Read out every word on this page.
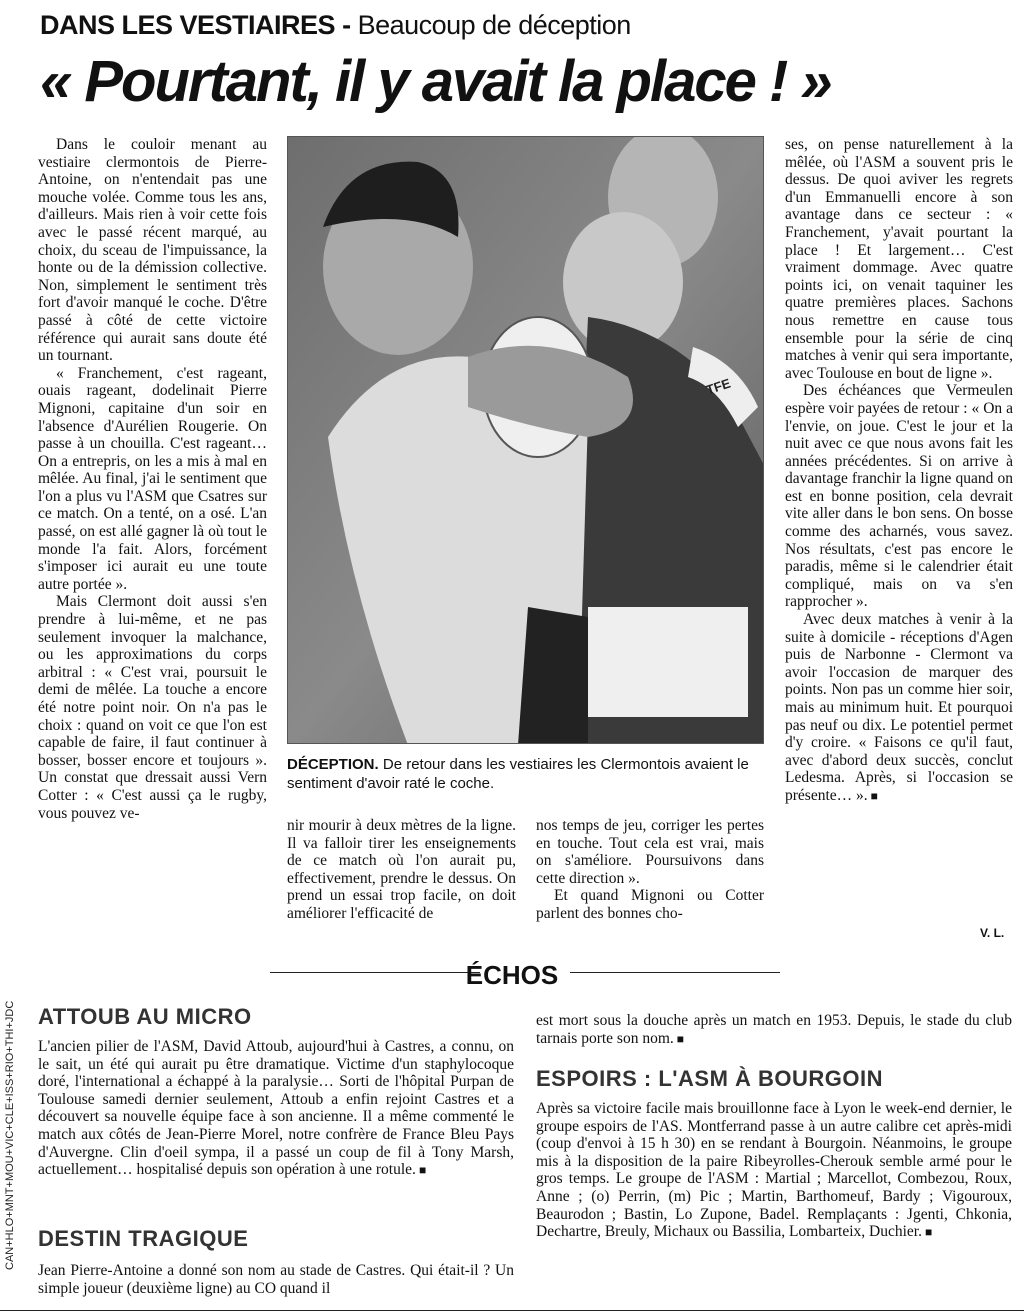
DANS LES VESTIAIRES - Beaucoup de déception
« Pourtant, il y avait la place ! »

Dans le couloir menant au vestiaire clermontois de Pierre-Antoine, on n'entendait pas une mouche volée. Comme tous les ans, d'ailleurs. Mais rien à voir cette fois avec le passé récent marqué, au choix, du sceau de l'impuissance, la honte ou de la démission collective. Non, simplement le sentiment très fort d'avoir manqué le coche. D'être passé à côté de cette victoire référence qui aurait sans doute été un tournant.

« Franchement, c'est rageant, ouais rageant, dodelinait Pierre Mignoni, capitaine d'un soir en l'absence d'Aurélien Rougerie. On passe à un chouilla. C'est rageant… On a entrepris, on les a mis à mal en mêlée. Au final, j'ai le sentiment que l'on a plus vu l'ASM que Csatres sur ce match. On a tenté, on a osé. L'an passé, on est allé gagner là où tout le monde l'a fait. Alors, forcément s'imposer ici aurait eu une toute autre portée ».

Mais Clermont doit aussi s'en prendre à lui-même, et ne pas seulement invoquer la malchance, ou les approximations du corps arbitral : « C'est vrai, poursuit le demi de mêlée. La touche a encore été notre point noir. On n'a pas le choix : quand on voit ce que l'on est capable de faire, il faut continuer à bosser, bosser encore et toujours ». Un constat que dressait aussi Vern Cotter : « C'est aussi ça le rugby, vous pouvez ve-

TFE
DÉCEPTION. De retour dans les vestiaires les Clermontois avaient le sentiment d'avoir raté le coche.

nir mourir à deux mètres de la ligne. Il va falloir tirer les enseignements de ce match où l'on aurait pu, effectivement, prendre le dessus. On prend un essai trop facile, on doit améliorer l'efficacité de

nos temps de jeu, corriger les pertes en touche. Tout cela est vrai, mais on s'améliore. Poursuivons dans cette direction ».

Et quand Mignoni ou Cotter parlent des bonnes cho-

ses, on pense naturellement à la mêlée, où l'ASM a souvent pris le dessus. De quoi aviver les regrets d'un Emmanuelli encore à son avantage dans ce secteur : « Franchement, y'avait pourtant la place ! Et largement… C'est vraiment dommage. Avec quatre points ici, on venait taquiner les quatre premières places. Sachons nous remettre en cause tous ensemble pour la série de cinq matches à venir qui sera importante, avec Toulouse en bout de ligne ».

Des échéances que Vermeulen espère voir payées de retour : « On a l'envie, on joue. C'est le jour et la nuit avec ce que nous avons fait les années précédentes. Si on arrive à davantage franchir la ligne quand on est en bonne position, cela devrait vite aller dans le bon sens. On bosse comme des acharnés, vous savez. Nos résultats, c'est pas encore le paradis, même si le calendrier était compliqué, mais on va s'en rapprocher ».

Avec deux matches à venir à la suite à domicile - réceptions d'Agen puis de Narbonne - Clermont va avoir l'occasion de marquer des points. Non pas un comme hier soir, mais au minimum huit. Et pourquoi pas neuf ou dix. Le potentiel permet d'y croire. « Faisons ce qu'il faut, avec d'abord deux succès, conclut Ledesma. Après, si l'occasion se présente… ». ■

V. L.
ÉCHOS
ATTOUB AU MICRO

L'ancien pilier de l'ASM, David Attoub, aujourd'hui à Castres, a connu, on le sait, un été qui aurait pu être dramatique. Victime d'un staphylocoque doré, l'international a échappé à la paralysie… Sorti de l'hôpital Purpan de Toulouse samedi dernier seulement, Attoub a enfin rejoint Castres et a découvert sa nouvelle équipe face à son ancienne. Il a même commenté le match aux côtés de Jean-Pierre Morel, notre confrère de France Bleu Pays d'Auvergne. Clin d'oeil sympa, il a passé un coup de fil à Tony Marsh, actuellement… hospitalisé depuis son opération à une rotule. ■

DESTIN TRAGIQUE

Jean Pierre-Antoine a donné son nom au stade de Castres. Qui était-il ? Un simple joueur (deuxième ligne) au CO quand il

est mort sous la douche après un match en 1953. Depuis, le stade du club tarnais porte son nom. ■

ESPOIRS : L'ASM À BOURGOIN

Après sa victoire facile mais brouillonne face à Lyon le week-end dernier, le groupe espoirs de l'AS. Montferrand passe à un autre calibre cet après-midi (coup d'envoi à 15 h 30) en se rendant à Bourgoin. Néanmoins, le groupe mis à la disposition de la paire Ribeyrolles-Cherouk semble armé pour le gros temps. Le groupe de l'ASM : Martial ; Marcellot, Combezou, Roux, Anne ; (o) Perrin, (m) Pic ; Martin, Barthomeuf, Bardy ; Vigouroux, Beaurodon ; Bastin, Lo Zupone, Badel. Remplaçants : Jgenti, Chkonia, Dechartre, Breuly, Michaux ou Bassilia, Lombarteix, Duchier. ■

CAN+HLO+MNT+MOU+VIC+CLE+ISS+RIO+THI+JDC
